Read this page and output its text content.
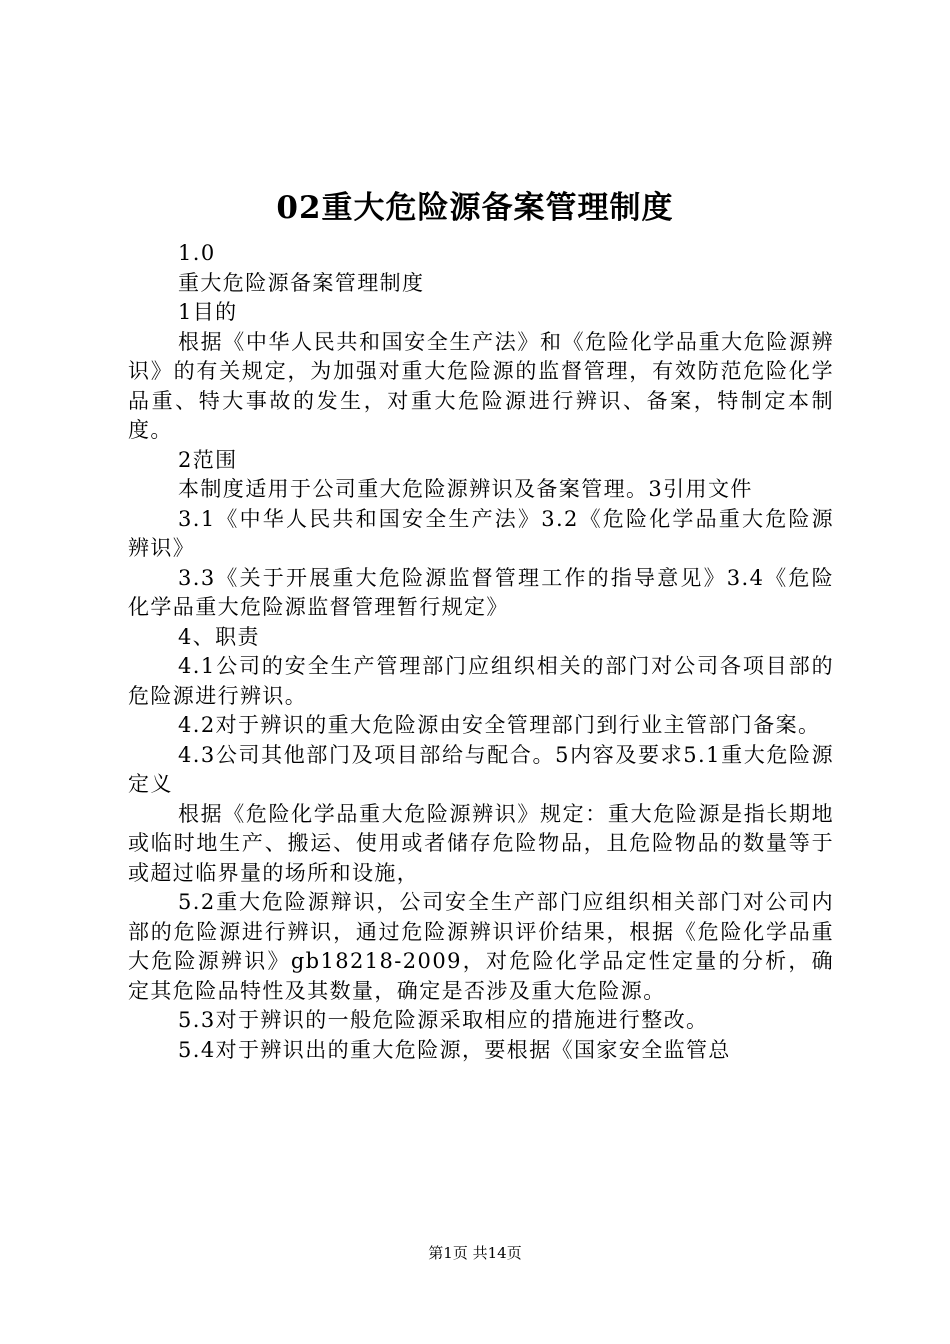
02重大危险源备案管理制度

1.0

重大危险源备案管理制度

1目的

根据《中华人民共和国安全生产法》和《危险化学品重大危险源辨识》的有关规定，为加强对重大危险源的监督管理，有效防范危险化学品重、特大事故的发生，对重大危险源进行辨识、备案，特制定本制度。

2范围

本制度适用于公司重大危险源辨识及备案管理。3引用文件

3.1《中华人民共和国安全生产法》3.2《危险化学品重大危险源辨识》

3.3《关于开展重大危险源监督管理工作的指导意见》3.4《危险化学品重大危险源监督管理暂行规定》

4、职责

4.1公司的安全生产管理部门应组织相关的部门对公司各项目部的危险源进行辨识。

4.2对于辨识的重大危险源由安全管理部门到行业主管部门备案。

4.3公司其他部门及项目部给与配合。5内容及要求5.1重大危险源定义

根据《危险化学品重大危险源辨识》规定：重大危险源是指长期地或临时地生产、搬运、使用或者储存危险物品，且危险物品的数量等于或超过临界量的场所和设施，

5.2重大危险源辩识，公司安全生产部门应组织相关部门对公司内部的危险源进行辨识，通过危险源辨识评价结果，根据《危险化学品重大危险源辨识》gb18218-2009，对危险化学品定性定量的分析，确定其危险品特性及其数量，确定是否涉及重大危险源。

5.3对于辨识的一般危险源采取相应的措施进行整改。

5.4对于辨识出的重大危险源，要根据《国家安全监管总

第1页 共14页
